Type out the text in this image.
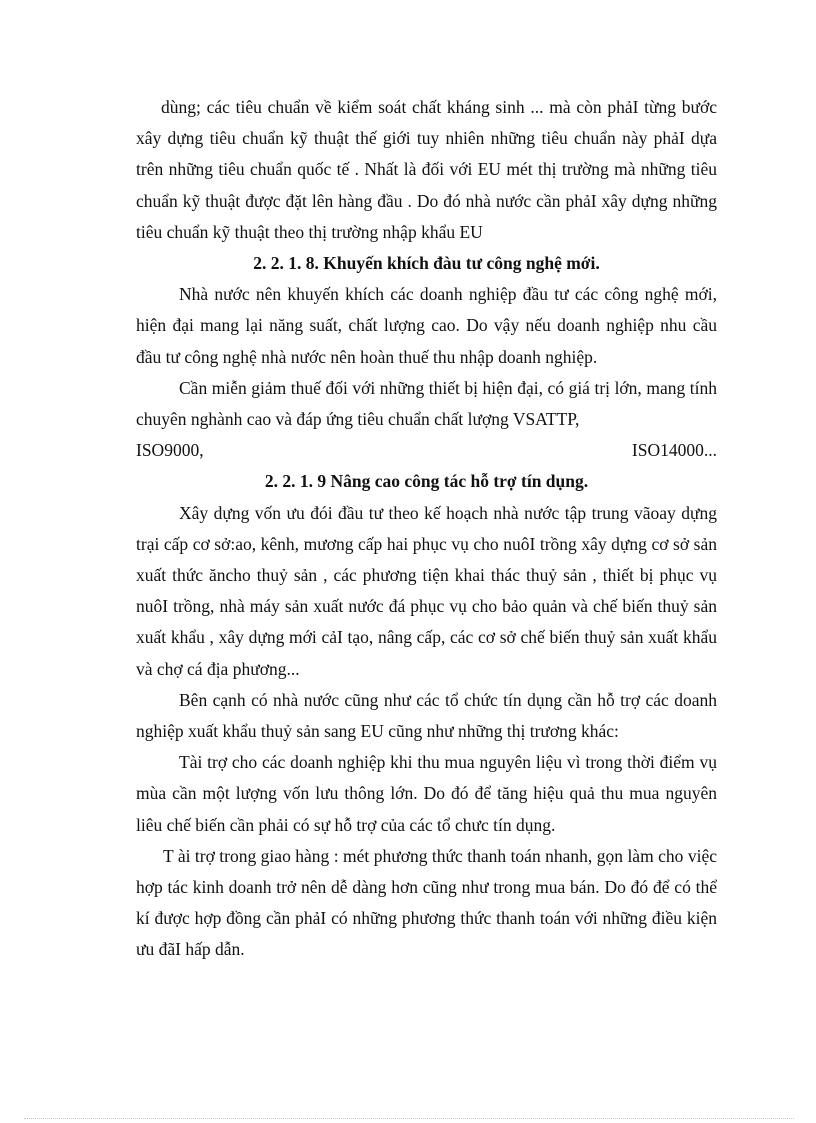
dùng; các tiêu chuẩn về kiểm soát chất kháng sinh ... mà còn phảI từng bước xây dựng tiêu chuẩn kỹ thuật thế giới tuy nhiên những tiêu chuẩn này phảI dựa trên những tiêu chuẩn quốc tế . Nhất là đối với EU mét thị trường mà những tiêu chuẩn kỹ thuật được đặt lên hàng đầu . Do đó nhà nước cần phảI xây dựng những tiêu chuẩn kỹ thuật theo thị trường nhập khẩu EU

2. 2. 1. 8. Khuyến khích đàu tư công nghệ mới.

Nhà nước nên khuyến khích các doanh nghiệp đầu tư các công nghệ mới, hiện đại mang lại năng suất, chất lượng cao. Do vậy nếu doanh nghiệp nhu cầu đầu tư công nghệ nhà nước nên hoàn thuế thu nhập doanh nghiệp.

Cần miễn giảm thuế đối với những thiết bị hiện đại, có giá trị lớn, mang tính chuyên nghành cao và đáp ứng tiêu chuẩn chất lượng VSATTP,

ISO9000,	ISO14000...

2. 2. 1. 9 Nâng cao công tác hỗ trợ tín dụng.

Xây dựng vốn ưu đói đầu tư theo kế hoạch nhà nước tập trung vãoay dựng trại cấp cơ sở:ao, kênh, mương cấp hai phục vụ cho nuôI trồng xây dựng cơ sở sản xuất thức ăncho thuỷ sản , các phương tiện khai thác thuỷ sản , thiết bị phục vụ nuôI trồng, nhà máy sản xuất nước đá phục vụ cho bảo quản và chế biến thuỷ sản xuất khẩu , xây dựng mới cảI tạo, nâng cấp, các cơ sở chế biến thuỷ sản xuất khẩu và chợ cá địa phương...

Bên cạnh có nhà nước cũng như các tổ chức tín dụng cần hỗ trợ các doanh nghiệp xuất khẩu thuỷ sản sang EU cũng như những thị trương khác:

Tài trợ cho các doanh nghiệp khi thu mua nguyên liệu vì trong thời điểm vụ mùa cần một lượng vốn lưu thông lớn. Do đó để tăng hiệu quả thu mua nguyên liêu chế biến cần phải có sự hỗ trợ của các tổ chưc tín dụng.

T ài trợ trong giao hàng : mét phương thức thanh toán nhanh, gọn làm cho việc hợp tác kinh doanh trở nên dễ dàng hơn cũng như trong mua bán. Do đó để có thể kí được hợp đồng cần phảI có những phương thức thanh toán với những điều kiện ưu đãI hấp dẫn.
